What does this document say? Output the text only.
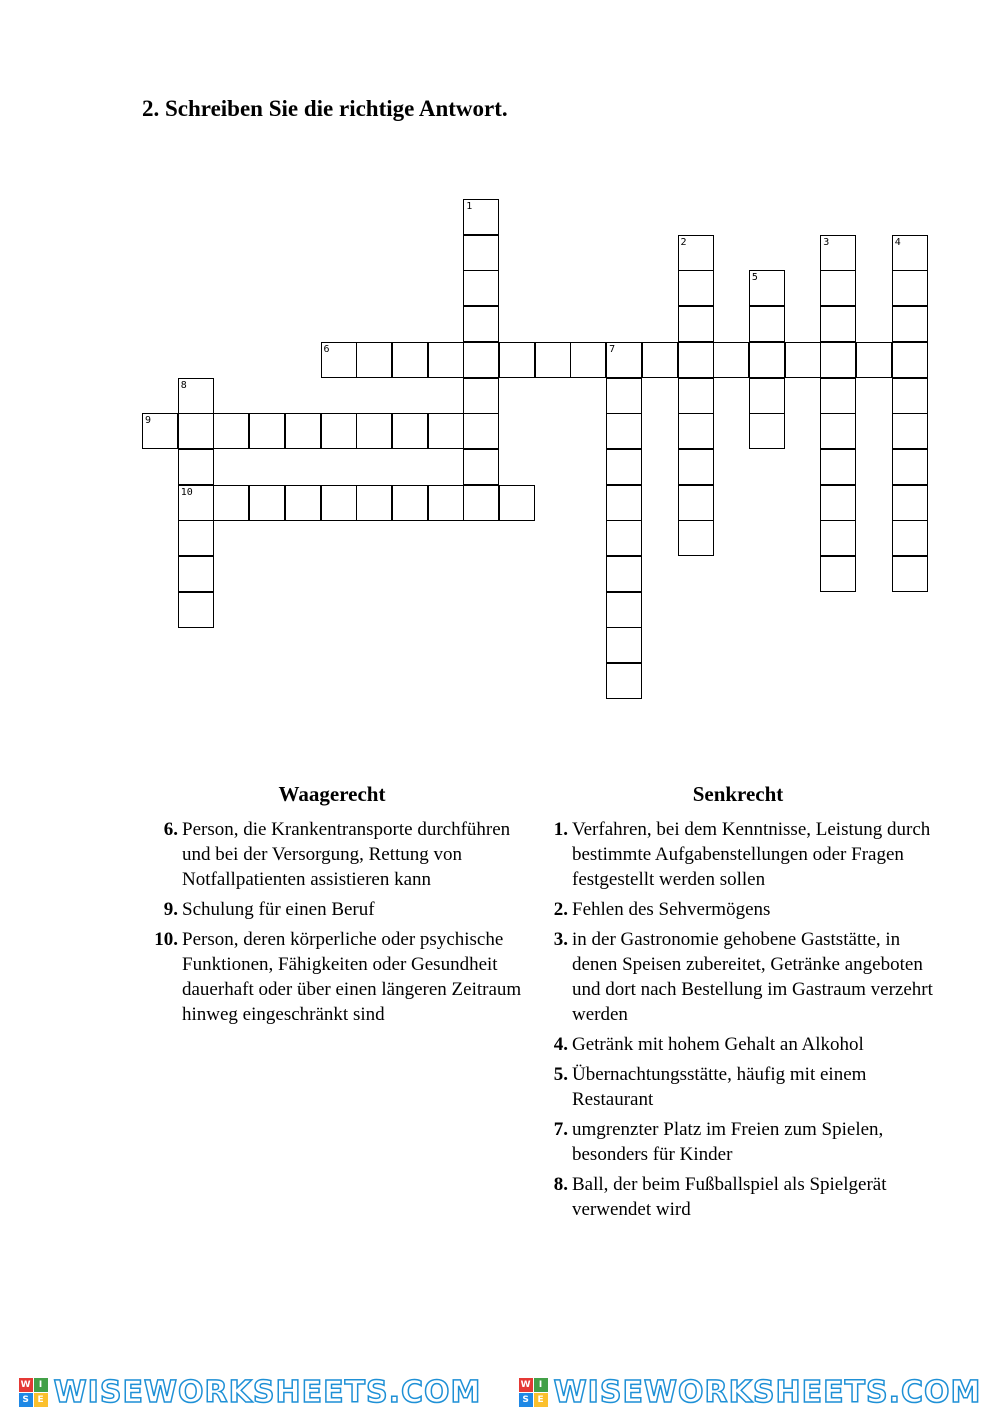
2. Schreiben Sie die richtige Antwort.
1
2	3	4
5
6	7
8
10
9
Waagerecht
6. Person, die Krankentransporte durchführen und bei der Versorgung, Rettung von Notfallpatienten assistieren kann
9. Schulung für einen Beruf
10. Person, deren körperliche oder psychische Funktionen, Fähigkeiten oder Gesundheit dauerhaft oder über einen längeren Zeitraum hinweg eingeschränkt sind
Senkrecht
1. Verfahren, bei dem Kenntnisse, Leistung durch bestimmte Aufgabenstellungen oder Fragen festgestellt werden sollen
2. Fehlen des Sehvermögens
3. in der Gastronomie gehobene Gaststätte, in denen Speisen zubereitet, Getränke angeboten und dort nach Bestellung im Gastraum verzehrt werden
4. Getränk mit hohem Gehalt an Alkohol
5. Übernachtungsstätte, häufig mit einem Restaurant
7. umgrenzter Platz im Freien zum Spielen, besonders für Kinder
8. Ball, der beim Fußballspiel als Spielgerät verwendet wird
W I
S E WISEWORKSHEETS.COM	W I
S E WISEWORKSHEETS.COM
